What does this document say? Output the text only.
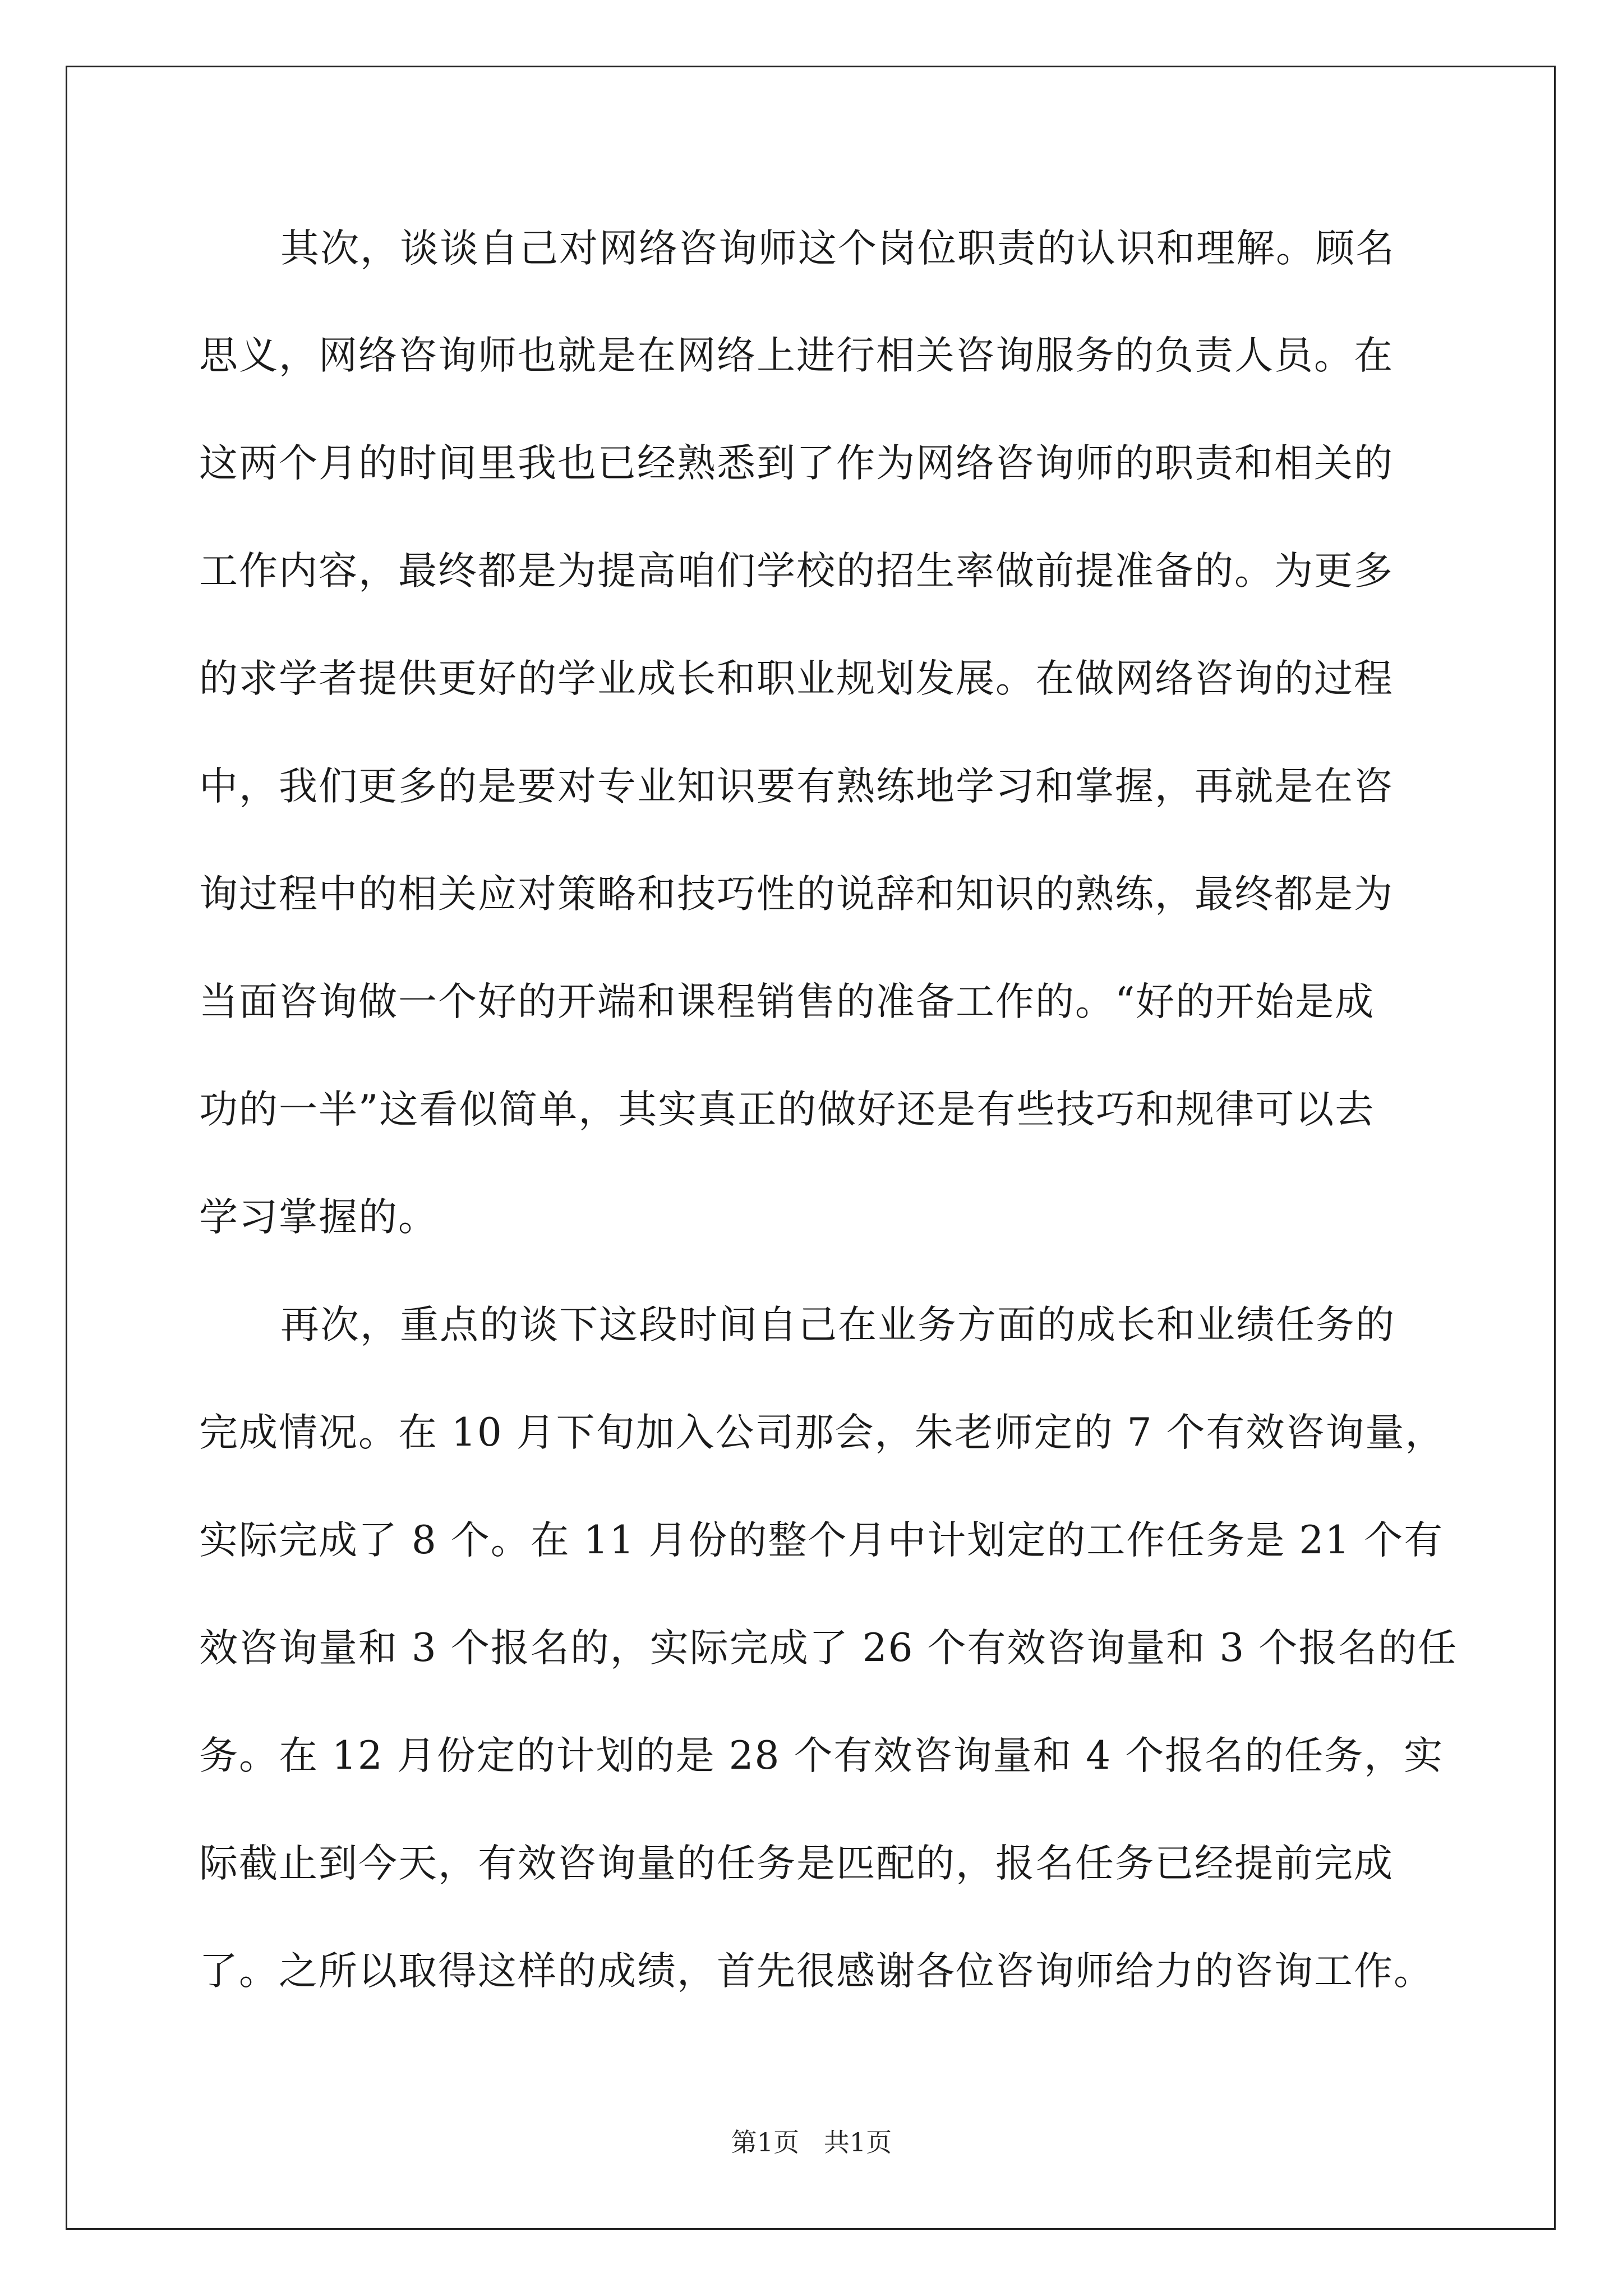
其次，谈谈自己对网络咨询师这个岗位职责的认识和理解。顾名
思义，网络咨询师也就是在网络上进行相关咨询服务的负责人员。在
这两个月的时间里我也已经熟悉到了作为网络咨询师的职责和相关的
工作内容，最终都是为提高咱们学校的招生率做前提准备的。为更多
的求学者提供更好的学业成长和职业规划发展。在做网络咨询的过程
中，我们更多的是要对专业知识要有熟练地学习和掌握，再就是在咨
询过程中的相关应对策略和技巧性的说辞和知识的熟练，最终都是为
当面咨询做一个好的开端和课程销售的准备工作的。“好的开始是成
功的一半”这看似简单，其实真正的做好还是有些技巧和规律可以去
学习掌握的。
再次，重点的谈下这段时间自己在业务方面的成长和业绩任务的
完成情况。在 10 月下旬加入公司那会，朱老师定的 7 个有效咨询量，
实际完成了 8 个。在 11 月份的整个月中计划定的工作任务是 21 个有
效咨询量和 3 个报名的，实际完成了 26 个有效咨询量和 3 个报名的任
务。在 12 月份定的计划的是 28 个有效咨询量和 4 个报名的任务，实
际截止到今天，有效咨询量的任务是匹配的，报名任务已经提前完成
了。之所以取得这样的成绩，首先很感谢各位咨询师给力的咨询工作。
第1页   共1页
